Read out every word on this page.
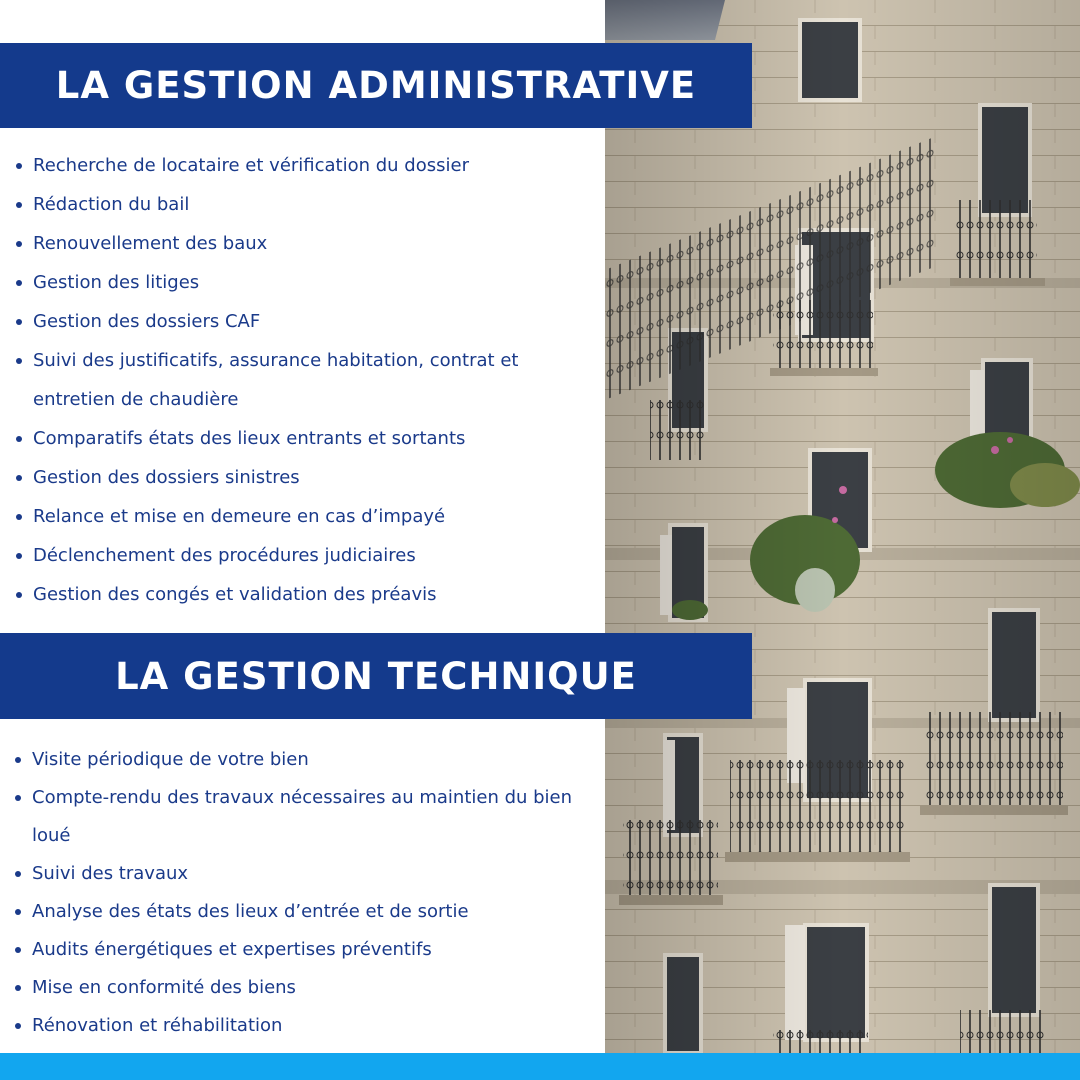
LA GESTION ADMINISTRATIVE
Recherche de locataire et vérification du dossier
Rédaction du bail
Renouvellement des baux
Gestion des litiges
Gestion des dossiers CAF
Suivi des justificatifs, assurance habitation, contrat et entretien de chaudière
Comparatifs états des lieux entrants et sortants
Gestion des dossiers sinistres
Relance et mise en demeure en cas d’impayé
Déclenchement des procédures judiciaires
Gestion des congés et validation des préavis
LA GESTION TECHNIQUE
Visite périodique de votre bien
Compte-rendu des travaux nécessaires au maintien du bien loué
Suivi des travaux
Analyse des états des lieux d’entrée et de sortie
Audits énergétiques et expertises préventifs
Mise en conformité des biens
Rénovation et réhabilitation
